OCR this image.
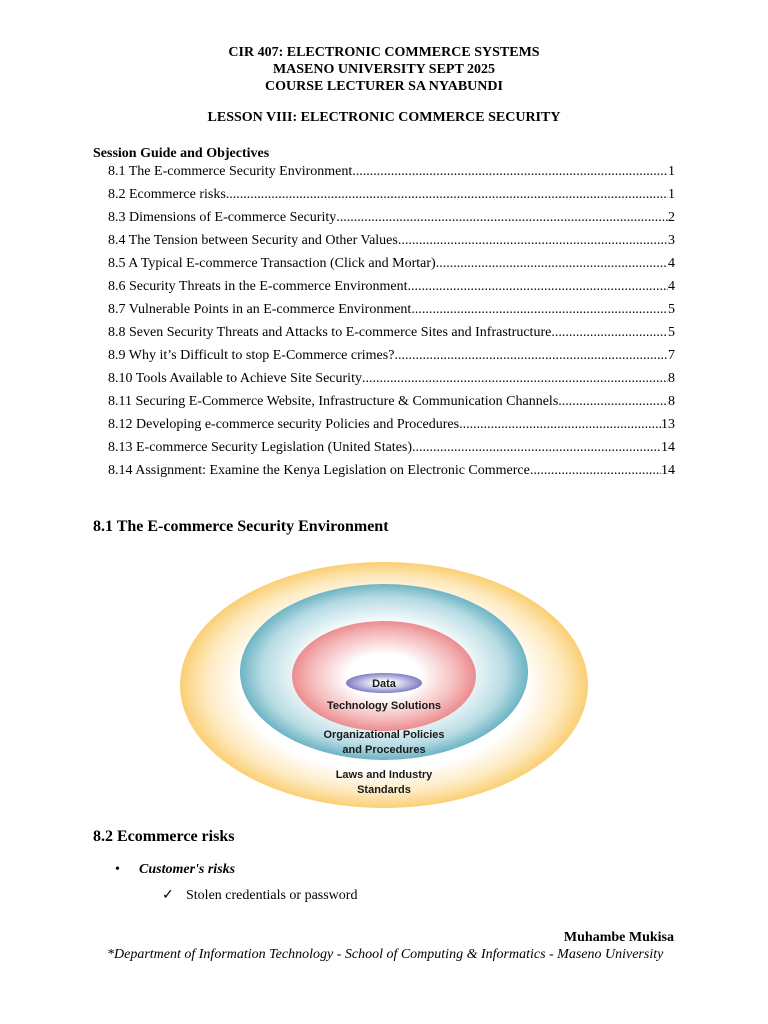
CIR 407: ELECTRONIC COMMERCE SYSTEMS
MASENO UNIVERSITY SEPT 2025
COURSE LECTURER SA NYABUNDI
LESSON VIII: ELECTRONIC COMMERCE SECURITY
Session Guide and Objectives
8.1 The E-commerce Security Environment .....	1
8.2 Ecommerce risks .....	1
8.3 Dimensions of E-commerce Security .....	2
8.4 The Tension between Security and Other Values .....	3
8.5 A Typical E-commerce Transaction (Click and Mortar) .....	4
8.6 Security Threats in the E-commerce Environment .....	4
8.7 Vulnerable Points in an E-commerce Environment .....	5
8.8 Seven Security Threats and Attacks to E-commerce Sites and Infrastructure .....	5
8.9 Why it’s Difficult to stop E-Commerce crimes? .....	7
8.10 Tools Available to Achieve Site Security .....	8
8.11 Securing E-Commerce Website, Infrastructure & Communication Channels .....	8
8.12 Developing e-commerce security Policies and Procedures .....	13
8.13 E-commerce Security Legislation (United States) .....	14
8.14 Assignment: Examine the Kenya Legislation on Electronic Commerce .....	14
8.1 The E-commerce Security Environment
Data
Technology Solutions
Organizational Policies
and Procedures
Laws and Industry
Standards
8.2 Ecommerce risks
• Customer's risks
✓ Stolen credentials or password
Muhambe Mukisa
*Department of Information Technology - School of Computing & Informatics - Maseno University
